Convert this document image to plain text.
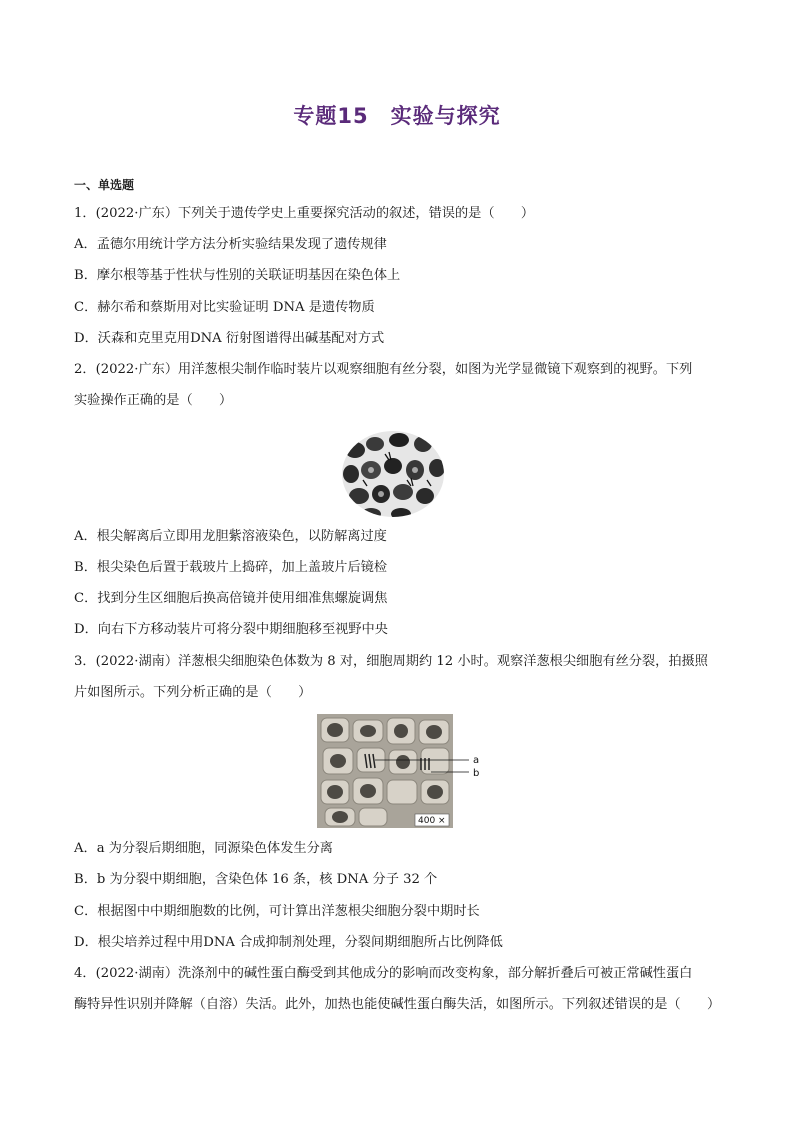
专题15 实验与探究
一、单选题
1．(2022·广东）下列关于遗传学史上重要探究活动的叙述，错误的是（　　）
A．孟德尔用统计学方法分析实验结果发现了遗传规律
B．摩尔根等基于性状与性别的关联证明基因在染色体上
C．赫尔希和蔡斯用对比实验证明 DNA 是遗传物质
D．沃森和克里克用DNA 衍射图谱得出碱基配对方式
2．(2022·广东）用洋葱根尖制作临时装片以观察细胞有丝分裂，如图为光学显微镜下观察到的视野。下列
实验操作正确的是（　　）
A．根尖解离后立即用龙胆紫溶液染色，以防解离过度
B．根尖染色后置于载玻片上捣碎，加上盖玻片后镜检
C．找到分生区细胞后换高倍镜并使用细准焦螺旋调焦
D．向右下方移动装片可将分裂中期细胞移至视野中央
3．(2022·湖南）洋葱根尖细胞染色体数为 8 对，细胞周期约 12 小时。观察洋葱根尖细胞有丝分裂，拍摄照
片如图所示。下列分析正确的是（　　）
a
b
400 ×
A．a 为分裂后期细胞，同源染色体发生分离
B．b 为分裂中期细胞，含染色体 16 条，核 DNA 分子 32 个
C．根据图中中期细胞数的比例，可计算出洋葱根尖细胞分裂中期时长
D．根尖培养过程中用DNA 合成抑制剂处理，分裂间期细胞所占比例降低
4．(2022·湖南）洗涤剂中的碱性蛋白酶受到其他成分的影响而改变构象，部分解折叠后可被正常碱性蛋白
酶特异性识别并降解（自溶）失活。此外，加热也能使碱性蛋白酶失活，如图所示。下列叙述错误的是（　　）
